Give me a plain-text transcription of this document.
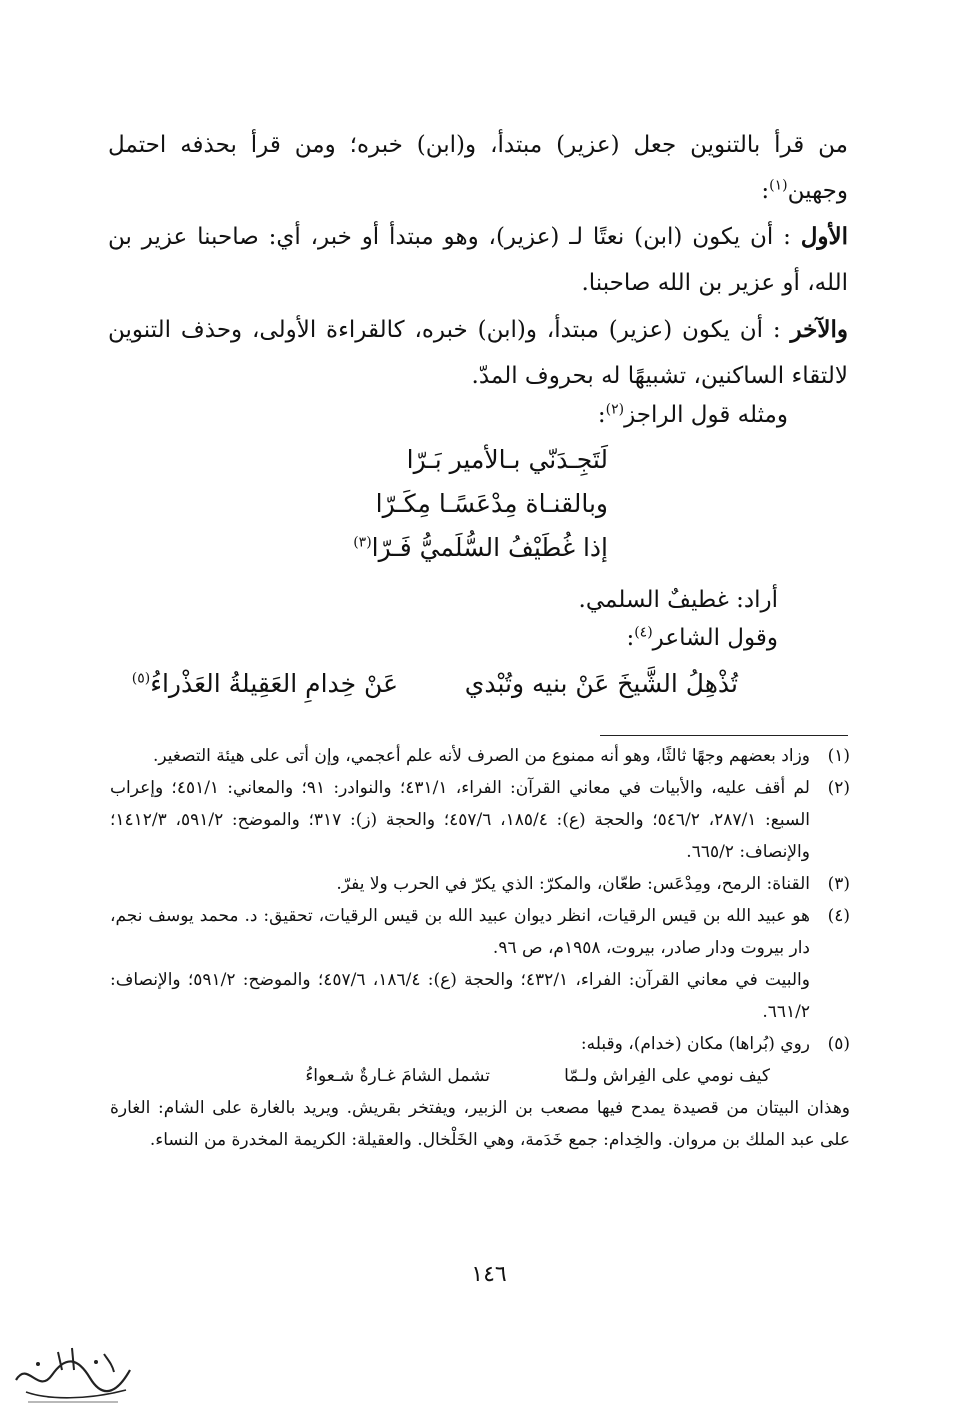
من قرأ بالتنوين جعل (عزير) مبتدأ، و(ابن) خبره؛ ومن قرأ بحذفه احتمل وجهين$^{(١)}$:

الأول : أن يكون (ابن) نعتًا لـ (عزير)، وهو مبتدأ أو خبر، أي: صاحبنا عزير بن الله، أو عزير بن الله صاحبنا.

والآخر : أن يكون (عزير) مبتدأ، و(ابن) خبره، كالقراءة الأولى، وحذف التنوين لالتقاء الساكنين، تشبيهًا له بحروف المدّ.

ومثله قول الراجز$^{(٢)}$:

لَتَجِـدَنّي بـالأمير بَـرّا
وبالقنـاة مِدْعَسًـا مِكَـرّا
إذا غُطَيْفُ السُّلَميُّ فَـرّا$^{(٣)}$
أراد: غطيفٌ السلمي.
وقول الشاعر$^{(٤)}$:
تُذْهِلُ الشَّيخَ عَنْ بنيه وتُبْدي
عَنْ خِدامِ العَقِيلةُ العَذْراءُ$^{(٥)}$

(١)
وزاد بعضهم وجهًا ثالثًا، وهو أنه ممنوع من الصرف لأنه علم أعجمي، وإن أتى على هيئة التصغير.

(٢)
لم أقف عليه، والأبيات في معاني القرآن: الفراء، ٤٣١/١؛ والنوادر: ٩١؛ والمعاني: ٤٥١/١؛ وإعراب السبع: ٢٨٧/١، ٥٤٦/٢؛ والحجة (ع): ١٨٥/٤، ٤٥٧/٦؛ والحجة (ز): ٣١٧؛ والموضح: ٥٩١/٢، ١٤١٢/٣؛ والإنصاف: ٦٦٥/٢.

(٣)
القناة: الرمح، ومِدْعَس: طعّان، والمكرّ: الذي يكرّ في الحرب ولا يفرّ.

(٤)
هو عبيد الله بن قيس الرقيات، انظر ديوان عبيد الله بن قيس الرقيات، تحقيق: د. محمد يوسف نجم، دار بيروت ودار صادر، بيروت، ١٩٥٨م، ص ٩٦.
والبيت في معاني القرآن: الفراء، ٤٣٢/١؛ والحجة (ع): ١٨٦/٤، ٤٥٧/٦؛ والموضح: ٥٩١/٢؛ والإنصاف: ٦٦١/٢.

(٥)
روي (بُراها) مكان (خدام)، وقبله:

كيف نومي على الفِراش ولـمّا
تشمل الشامَ غـارةٌ شـعواءُ

وهذان البيتان من قصيدة يمدح فيها مصعب بن الزبير، ويفتخر بقريش. ويريد بالغارة على الشام: الغارة على عبد الملك بن مروان. والخِدام: جمع خَدَمة، وهي الخَلْخال. والعقيلة: الكريمة المخدرة من النساء.

١٤٦
